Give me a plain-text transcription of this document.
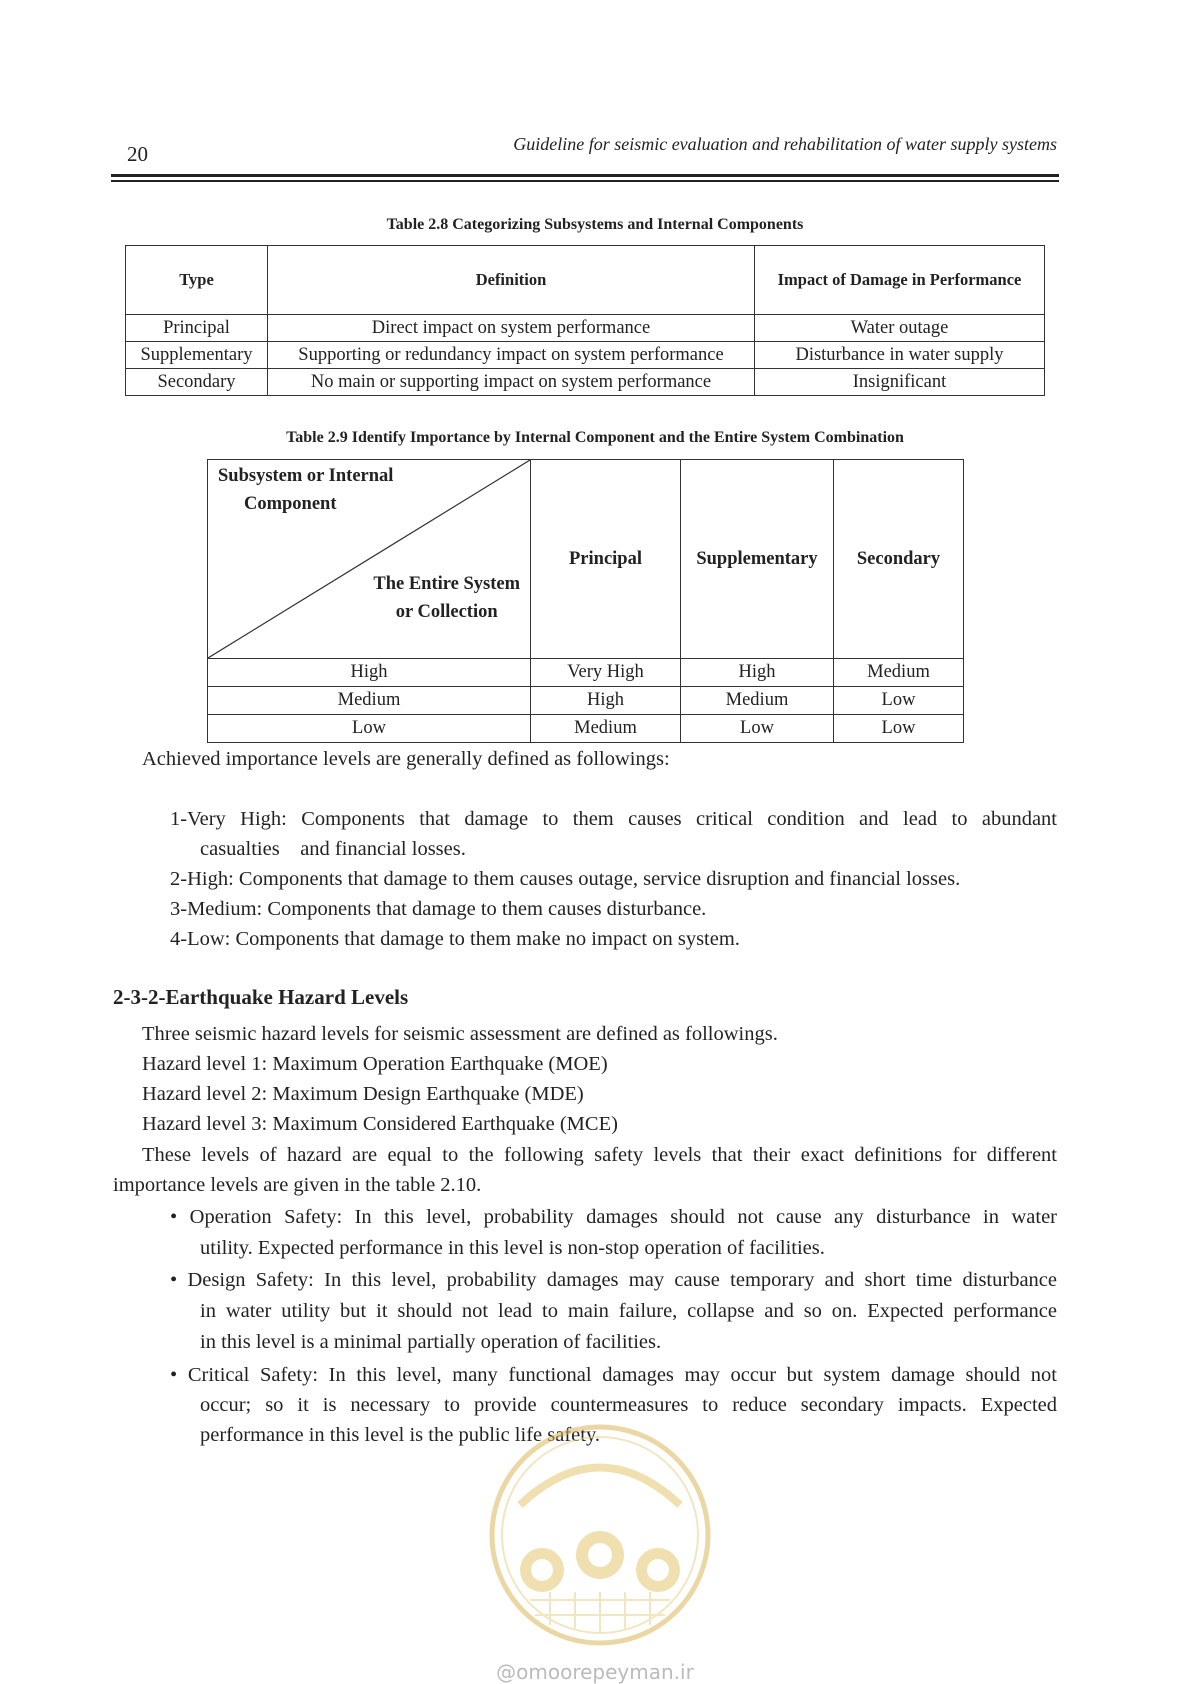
20	Guideline for seismic evaluation and rehabilitation of water supply systems
Table 2.8 Categorizing Subsystems and Internal Components
Type	Definition	Impact of Damage in Performance
Principal	Direct impact on system performance	Water outage
Supplementary	Supporting or redundancy impact on system performance	Disturbance in water supply
Secondary	No main or supporting impact on system performance	Insignificant
Table 2.9 Identify Importance by Internal Component and the Entire System Combination
Subsystem or Internal
Component
The Entire System
or Collection	Principal	Supplementary	Secondary
High	Very High	High	Medium
Medium	High	Medium	Low
Low	Medium	Low	Low
Achieved importance levels are generally defined as followings:
1-Very High: Components that damage to them causes critical condition and lead to abundant
casualties    and financial losses.
2-High: Components that damage to them causes outage, service disruption and financial losses.
3-Medium: Components that damage to them causes disturbance.
4-Low: Components that damage to them make no impact on system.
2-3-2-Earthquake Hazard Levels
Three seismic hazard levels for seismic assessment are defined as followings.
Hazard level 1: Maximum Operation Earthquake (MOE)
Hazard level 2: Maximum Design Earthquake (MDE)
Hazard level 3: Maximum Considered Earthquake (MCE)
These levels of hazard are equal to the following safety levels that their exact definitions for different
importance levels are given in the table 2.10.
• Operation Safety: In this level, probability damages should not cause any disturbance in water
utility. Expected performance in this level is non-stop operation of facilities.
• Design Safety: In this level, probability damages may cause temporary and short time disturbance
in water utility but it should not lead to main failure, collapse and so on. Expected performance
in this level is a minimal partially operation of facilities.
• Critical Safety: In this level, many functional damages may occur but system damage should not
occur; so it is necessary to provide countermeasures to reduce secondary impacts. Expected
performance in this level is the public life safety.
@omoorepeyman.ir
